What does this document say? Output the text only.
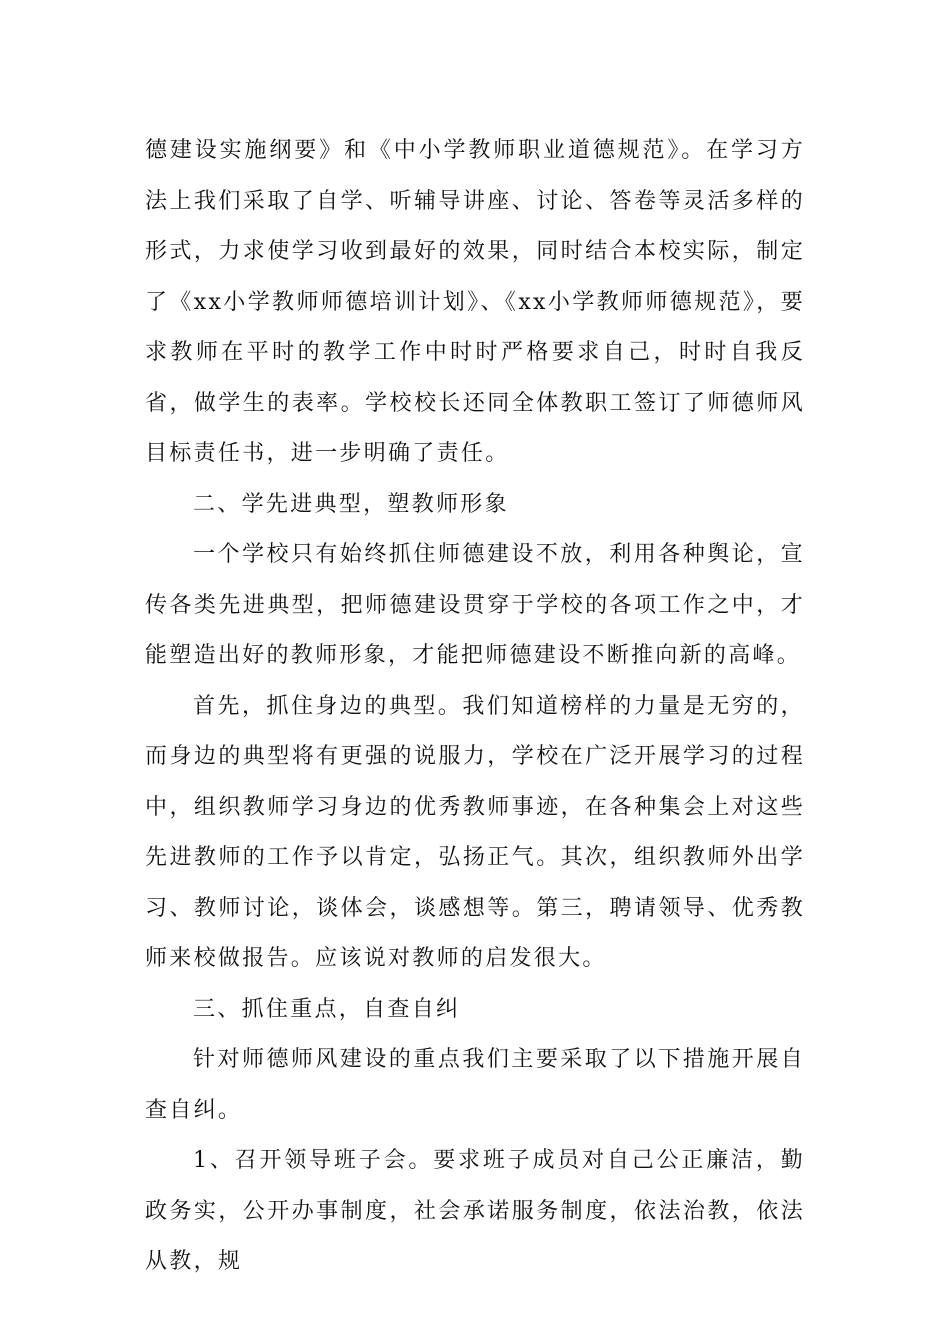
德建设实施纲要》和《中小学教师职业道德规范》。在学习方法上我们采取了自学、听辅导讲座、讨论、答卷等灵活多样的形式，力求使学习收到最好的效果，同时结合本校实际，制定了《xx小学教师师德培训计划》、《xx小学教师师德规范》，要求教师在平时的教学工作中时时严格要求自己，时时自我反省，做学生的表率。学校校长还同全体教职工签订了师德师风目标责任书，进一步明确了责任。

二、学先进典型，塑教师形象

一个学校只有始终抓住师德建设不放，利用各种舆论，宣传各类先进典型，把师德建设贯穿于学校的各项工作之中，才能塑造出好的教师形象，才能把师德建设不断推向新的高峰。

首先，抓住身边的典型。我们知道榜样的力量是无穷的，而身边的典型将有更强的说服力，学校在广泛开展学习的过程中，组织教师学习身边的优秀教师事迹，在各种集会上对这些先进教师的工作予以肯定，弘扬正气。其次，组织教师外出学习、教师讨论，谈体会，谈感想等。第三，聘请领导、优秀教师来校做报告。应该说对教师的启发很大。

三、抓住重点，自查自纠

针对师德师风建设的重点我们主要采取了以下措施开展自查自纠。

1、召开领导班子会。要求班子成员对自己公正廉洁，勤政务实，公开办事制度，社会承诺服务制度，依法治教，依法从教，规
